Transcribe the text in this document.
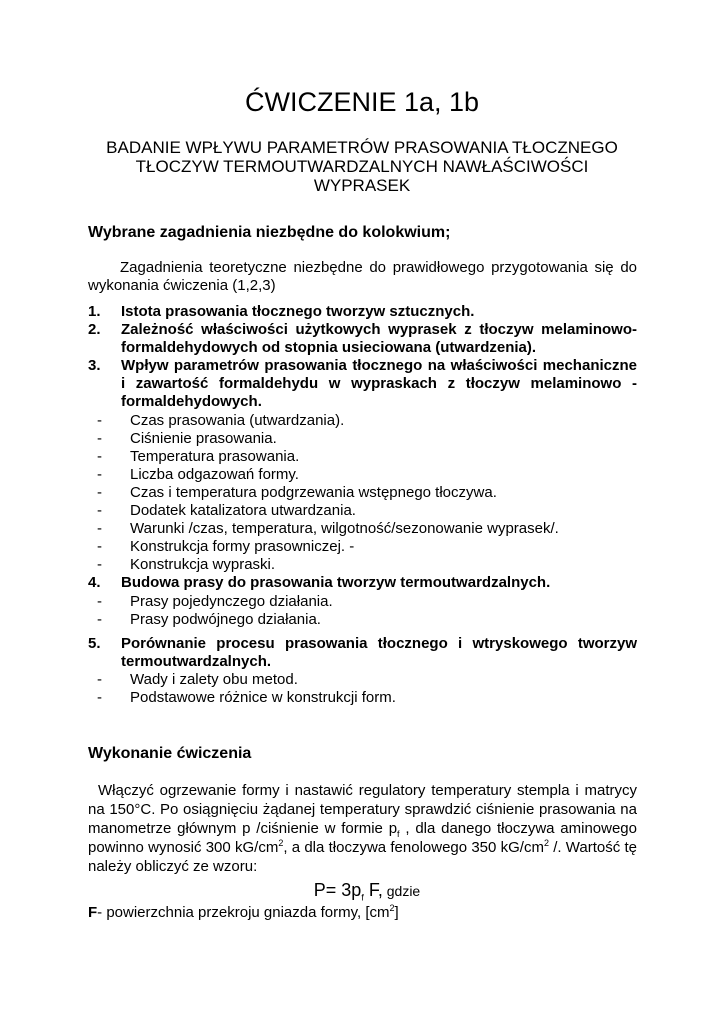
ĆWICZENIE 1a, 1b
BADANIE WPŁYWU PARAMETRÓW PRASOWANIA TŁOCZNEGO
TŁOCZYW TERMOUTWARDZALNYCH NAWŁAŚCIWOŚCI
WYPRASEK
Wybrane zagadnienia niezbędne do kolokwium;

Zagadnienia teoretyczne niezbędne do prawidłowego przygotowania się do wykonania ćwiczenia (1,2,3)

1.	Istota prasowania tłocznego tworzyw sztucznych.
2.	Zależność właściwości użytkowych wyprasek z tłoczyw melaminowo-formaldehydowych od stopnia usieciowana (utwardzenia).
3.	Wpływ parametrów prasowania tłocznego na właściwości mechaniczne i zawartość formaldehydu w wypraskach z tłoczyw melaminowo - formaldehydowych.
-	Czas prasowania (utwardzania).
-	Ciśnienie prasowania.
-	Temperatura prasowania.
-	Liczba odgazowań formy.
-	Czas i temperatura podgrzewania wstępnego tłoczywa.
-	Dodatek katalizatora utwardzania.
-	Warunki /czas, temperatura, wilgotność/sezonowanie wyprasek/.
-	Konstrukcja formy prasowniczej. -
-	Konstrukcja wypraski.
4.	Budowa prasy do prasowania tworzyw termoutwardzalnych.
-	Prasy pojedynczego działania.
-	Prasy podwójnego działania.
5.	Porównanie procesu prasowania tłocznego i wtryskowego tworzyw termoutwardzalnych.
-	Wady i zalety obu metod.
-	Podstawowe różnice w konstrukcji form.
Wykonanie ćwiczenia

Włączyć ogrzewanie formy i nastawić regulatory temperatury stempla i matrycy na 150°C. Po osiągnięciu żądanej temperatury sprawdzić ciśnienie prasowania na manometrze głównym p /ciśnienie w formie $p_f$ , dla danego tłoczywa aminowego powinno wynosić 300 $kG/cm^2$, a dla tłoczywa fenolowego 350 $kG/cm^2$ /. Wartość tę należy obliczyć ze wzoru:

$P= 3p_f$ F, gdzie
F- powierzchnia przekroju gniazda formy, $[cm^2]$
